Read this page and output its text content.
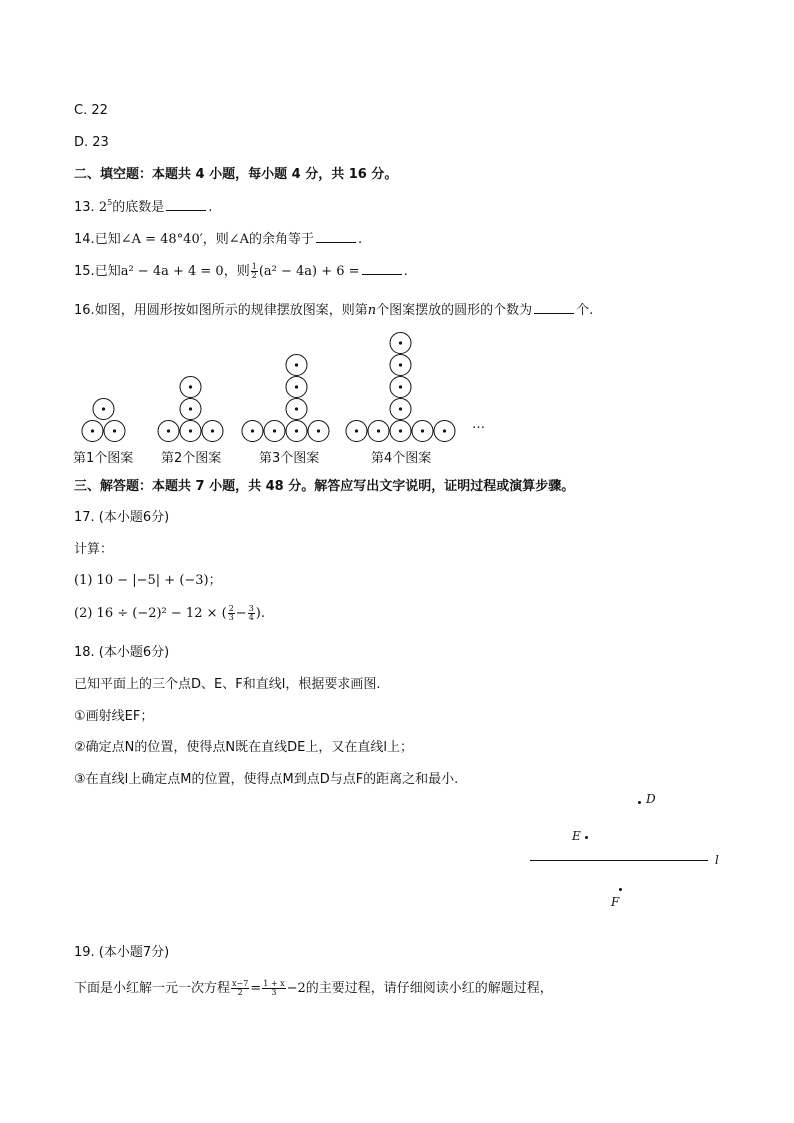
C. 22
D. 23
二、填空题：本题共 4 小题，每小题 4 分，共 16 分。
13. $2^5$的底数是	.
14.已知∠A = 48°40′，则∠A的余角等于	.
15.已知a² − 4a + 4 = 0，则 $\frac{1}{2} (a^2 - 4a) + 6$ =	.
16.如图，用圆形按如图所示的规律摆放图案，则第n个图案摆放的圆形的个数为	个.
第1个图案 第2个图案	第3个图案	第4个图案
…
三、解答题：本题共 7 小题，共 48 分。解答应写出文字说明，证明过程或演算步骤。
17. (本小题6分)
计算：
(1) 10 − |−5| + (−3)；
(2) 16 ÷ (−2)² − 12 × ( $\frac{2}{3} - \frac{3}{4}$ ).
18. (本小题6分)
已知平面上的三个点D、E、F和直线l，根据要求画图.
①画射线EF；
②确定点N的位置，使得点N既在直线DE上，又在直线l上；
③在直线l上确定点M的位置，使得点M到点D与点F的距离之和最小.
D
E
l
F
19. (本小题7分)
下面是小红解一元一次方程 $\frac{x-7}{2} = \frac{1 + x}{3} -2$的主要过程，请仔细阅读小红的解题过程，
